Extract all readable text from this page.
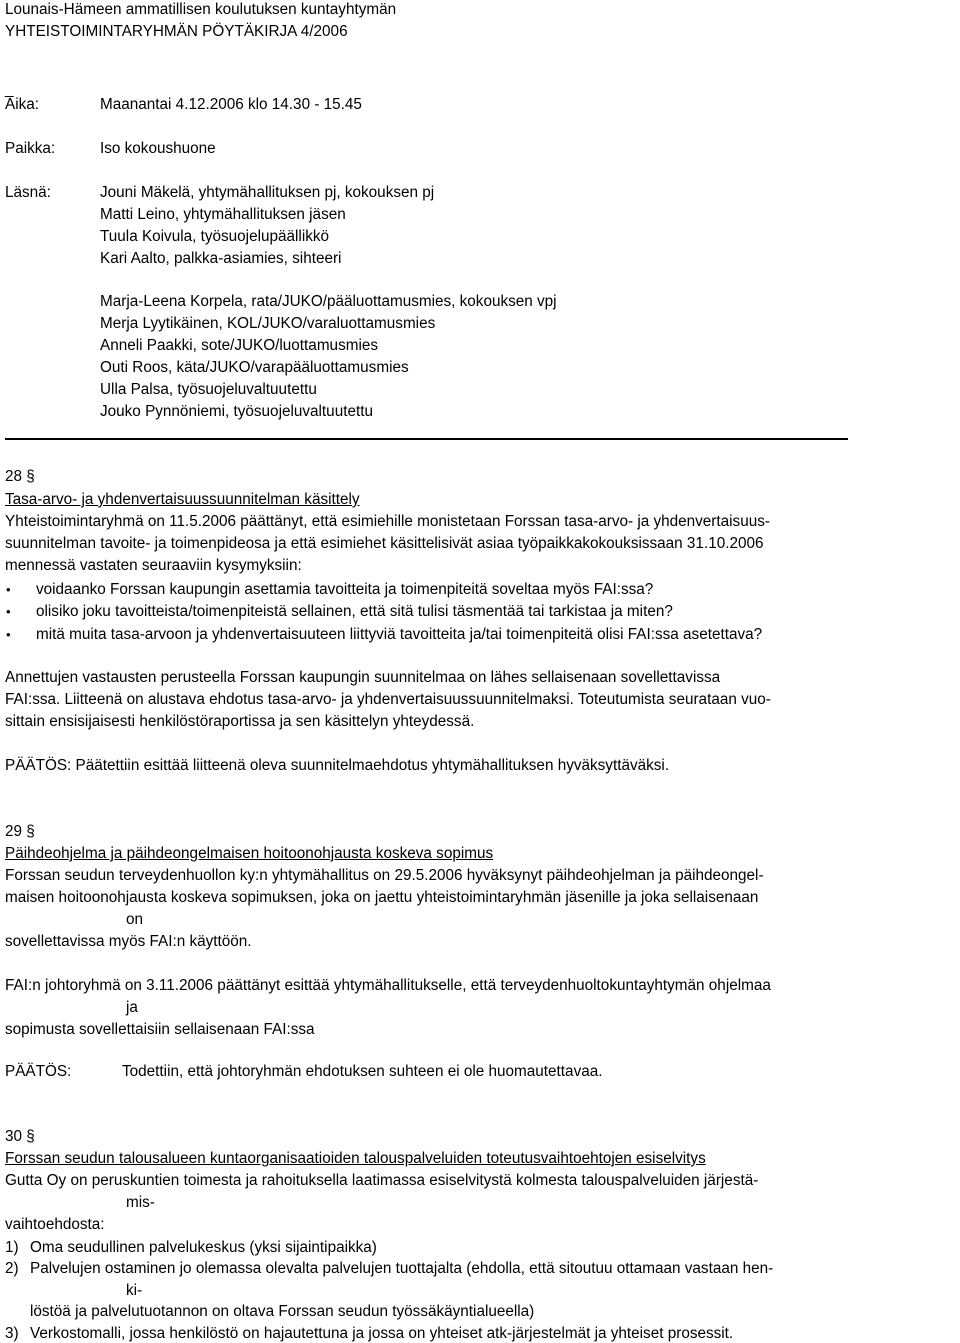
Lounais-Hämeen ammatillisen koulutuksen kuntayhtymän
YHTEISTOIMINTARYHMÄN PÖYTÄKIRJA 4/2006
_
Aika:	Maanantai 4.12.2006 klo 14.30 - 15.45
Paikka:	Iso kokoushuone
Läsnä:	Jouni Mäkelä, yhtymähallituksen pj, kokouksen pj
Matti Leino, yhtymähallituksen jäsen
Tuula Koivula, työsuojelupäällikkö
Kari Aalto, palkka-asiamies, sihteeri
Marja-Leena Korpela, rata/JUKO/pääluottamusmies, kokouksen vpj
Merja Lyytikäinen, KOL/JUKO/varaluottamusmies
Anneli Paakki, sote/JUKO/luottamusmies
Outi Roos, käta/JUKO/varapääluottamusmies
Ulla Palsa, työsuojeluvaltuutettu
Jouko Pynnöniemi, työsuojeluvaltuutettu
28 §
Tasa-arvo- ja yhdenvertaisuussuunnitelman käsittely
Yhteistoimintaryhmä on 11.5.2006 päättänyt, että esimiehille monistetaan Forssan tasa-arvo- ja yhdenvertaisuus-
suunnitelman tavoite- ja toimenpideosa ja että esimiehet käsittelisivät asiaa työpaikkakokouksissaan 31.10.2006
mennessä vastaten seuraaviin kysymyksiin:
• voidaanko Forssan kaupungin asettamia tavoitteita ja toimenpiteitä soveltaa myös FAI:ssa?
• olisiko joku tavoitteista/toimenpiteistä sellainen, että sitä tulisi täsmentää tai tarkistaa ja miten?
• mitä muita tasa-arvoon ja yhdenvertaisuuteen liittyviä tavoitteita ja/tai toimenpiteitä olisi FAI:ssa asetettava?
Annettujen vastausten perusteella Forssan kaupungin suunnitelmaa on lähes sellaisenaan sovellettavissa
FAI:ssa. Liitteenä on alustava ehdotus tasa-arvo- ja yhdenvertaisuussuunnitelmaksi. Toteutumista seurataan vuo-
sittain ensisijaisesti henkilöstöraportissa ja sen käsittelyn yhteydessä.
PÄÄTÖS: Päätettiin esittää liitteenä oleva suunnitelmaehdotus yhtymähallituksen hyväksyttäväksi.
29 §
Päihdeohjelma ja päihdeongelmaisen hoitoonohjausta koskeva sopimus
Forssan seudun terveydenhuollon ky:n yhtymähallitus on 29.5.2006 hyväksynyt päihdeohjelman ja päihdeongel-
maisen hoitoonohjausta koskeva sopimuksen, joka on jaettu yhteistoimintaryhmän jäsenille ja joka sellaisenaan
on
sovellettavissa myös FAI:n käyttöön.
FAI:n johtoryhmä on 3.11.2006 päättänyt esittää yhtymähallitukselle, että terveydenhuoltokuntayhtymän ohjelmaa
ja
sopimusta sovellettaisiin sellaisenaan FAI:ssa
PÄÄTÖS:	Todettiin, että johtoryhmän ehdotuksen suhteen ei ole huomautettavaa.
30 §
Forssan seudun talousalueen kuntaorganisaatioiden talouspalveluiden toteutusvaihtoehtojen esiselvitys
Gutta Oy on peruskuntien toimesta ja rahoituksella laatimassa esiselvitystä kolmesta talouspalveluiden järjestä-
mis-
vaihtoehdosta:
1) Oma seudullinen palvelukeskus (yksi sijaintipaikka)
2) Palvelujen ostaminen jo olemassa olevalta palvelujen tuottajalta (ehdolla, että sitoutuu ottamaan vastaan hen-
ki-
löstöä ja palvelutuotannon on oltava Forssan seudun työssäkäyntialueella)
3) Verkostomalli, jossa henkilöstö on hajautettuna ja jossa on yhteiset atk-järjestelmät ja yhteiset prosessit.
